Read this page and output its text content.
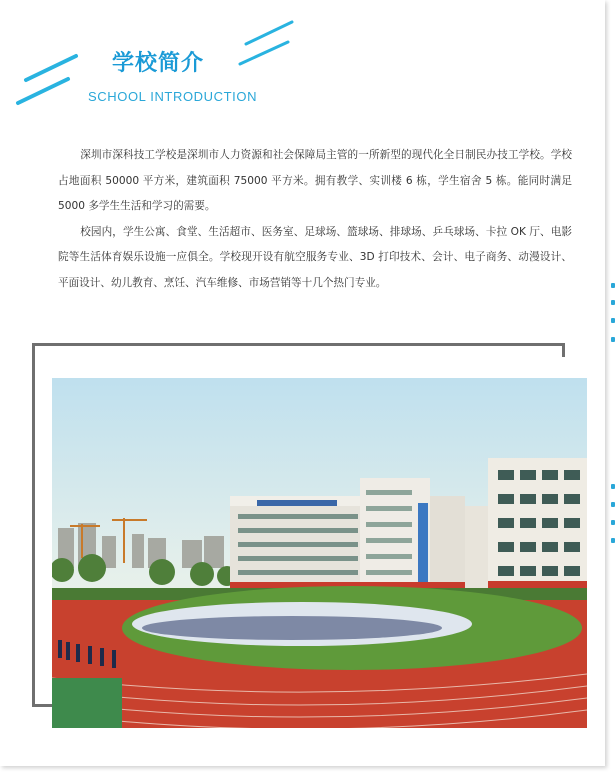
学校简介
SCHOOL INTRODUCTION

深圳市深科技工学校是深圳市人力资源和社会保障局主管的一所新型的现代化全日制民办技工学校。学校占地面积 50000 平方米，建筑面积 75000 平方米。拥有教学、实训楼 6 栋，学生宿舍 5 栋。能同时满足 5000 多学生生活和学习的需要。

校园内，学生公寓、食堂、生活超市、医务室、足球场、篮球场、排球场、乒乓球场、卡拉 OK 厅、电影院等生活体育娱乐设施一应俱全。学校现开设有航空服务专业、3D 打印技术、会计、电子商务、动漫设计、平面设计、幼儿教育、烹饪、汽车维修、市场营销等十几个热门专业。
